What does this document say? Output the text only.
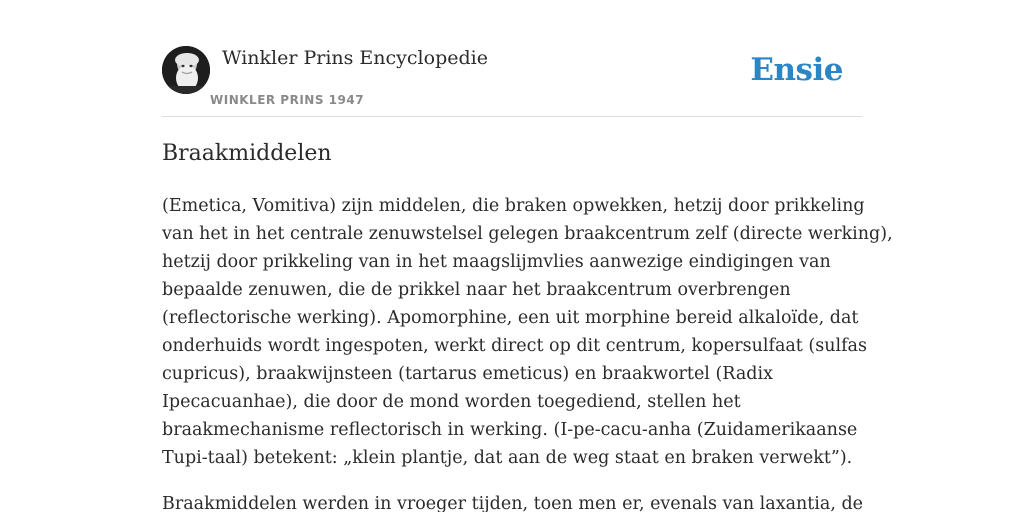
Winkler Prins Encyclopedie
WINKLER PRINS 1947
Ensie
Braakmiddelen

(Emetica, Vomitiva) zijn middelen, die braken opwekken, hetzij door prikkeling
van het in het centrale zenuwstelsel gelegen braakcentrum zelf (directe werking),
hetzij door prikkeling van in het maagslijmvlies aanwezige eindigingen van
bepaalde zenuwen, die de prikkel naar het braakcentrum overbrengen
(reflectorische werking). Apomorphine, een uit morphine bereid alkaloïde, dat
onderhuids wordt ingespoten, werkt direct op dit centrum, kopersulfaat (sulfas
cupricus), braakwijnsteen (tartarus emeticus) en braakwortel (Radix
Ipecacuanhae), die door de mond worden toegediend, stellen het
braakmechanisme reflectorisch in werking. (I-pe-cacu-anha (Zuidamerikaanse
Tupi-taal) betekent: „klein plantje, dat aan de weg staat en braken verwekt”).

Braakmiddelen werden in vroeger tijden, toen men er, evenals van laxantia, de
